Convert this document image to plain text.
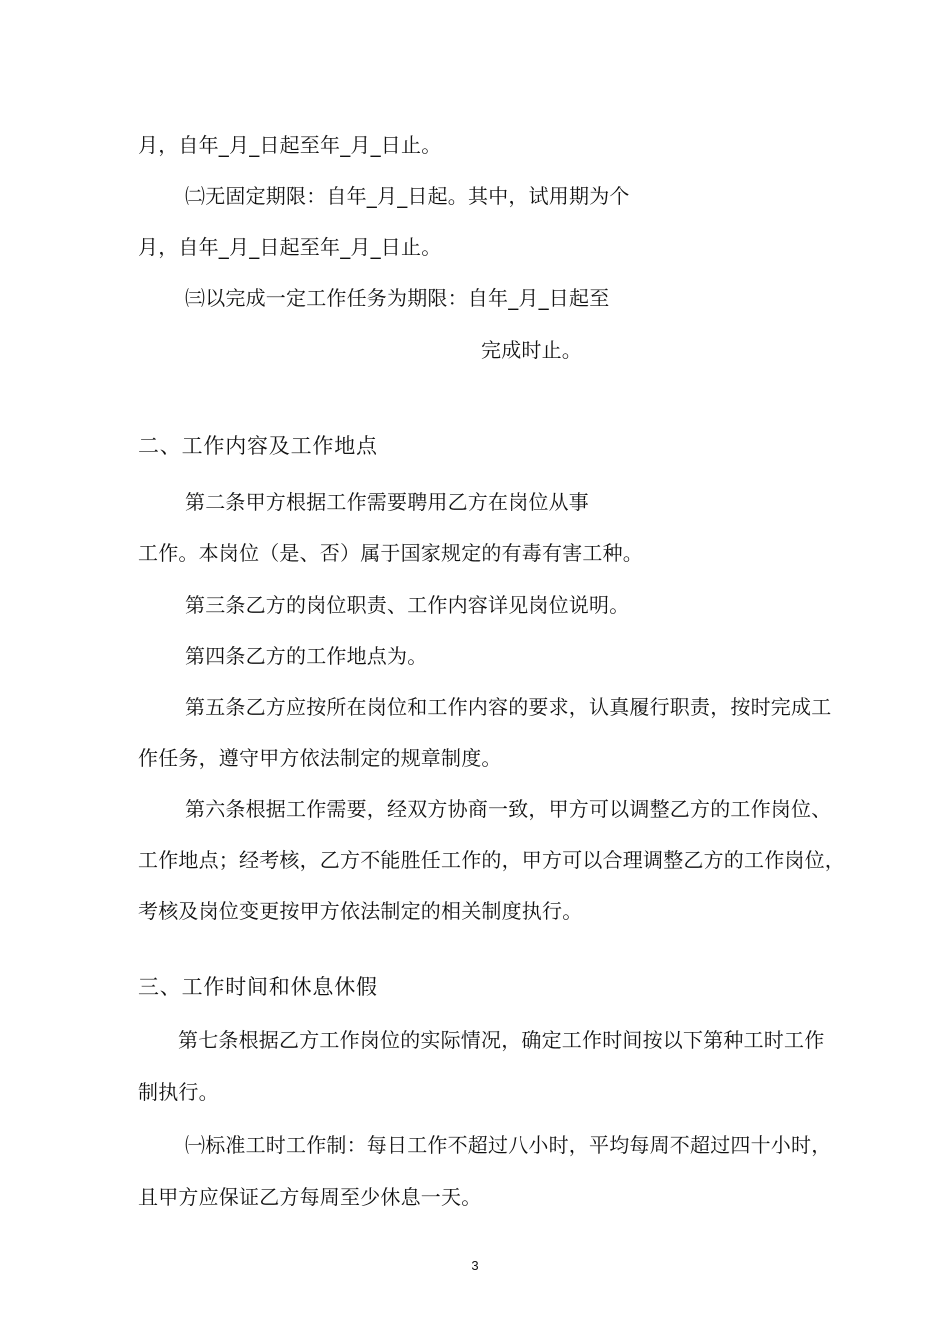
月，自年_月_日起至年_月_日止。
㈡无固定期限：自年_月_日起。其中，试用期为个
月，自年_月_日起至年_月_日止。
㈢以完成一定工作任务为期限：自年_月_日起至
完成时止。
二、工作内容及工作地点
第二条甲方根据工作需要聘用乙方在岗位从事
工作。本岗位（是、否）属于国家规定的有毒有害工种。
第三条乙方的岗位职责、工作内容详见岗位说明。
第四条乙方的工作地点为。
第五条乙方应按所在岗位和工作内容的要求，认真履行职责，按时完成工
作任务，遵守甲方依法制定的规章制度。
第六条根据工作需要，经双方协商一致，甲方可以调整乙方的工作岗位、
工作地点；经考核，乙方不能胜任工作的，甲方可以合理调整乙方的工作岗位，
考核及岗位变更按甲方依法制定的相关制度执行。
三、工作时间和休息休假
第七条根据乙方工作岗位的实际情况，确定工作时间按以下第种工时工作
制执行。
㈠标准工时工作制：每日工作不超过八小时，平均每周不超过四十小时，
且甲方应保证乙方每周至少休息一天。
3
